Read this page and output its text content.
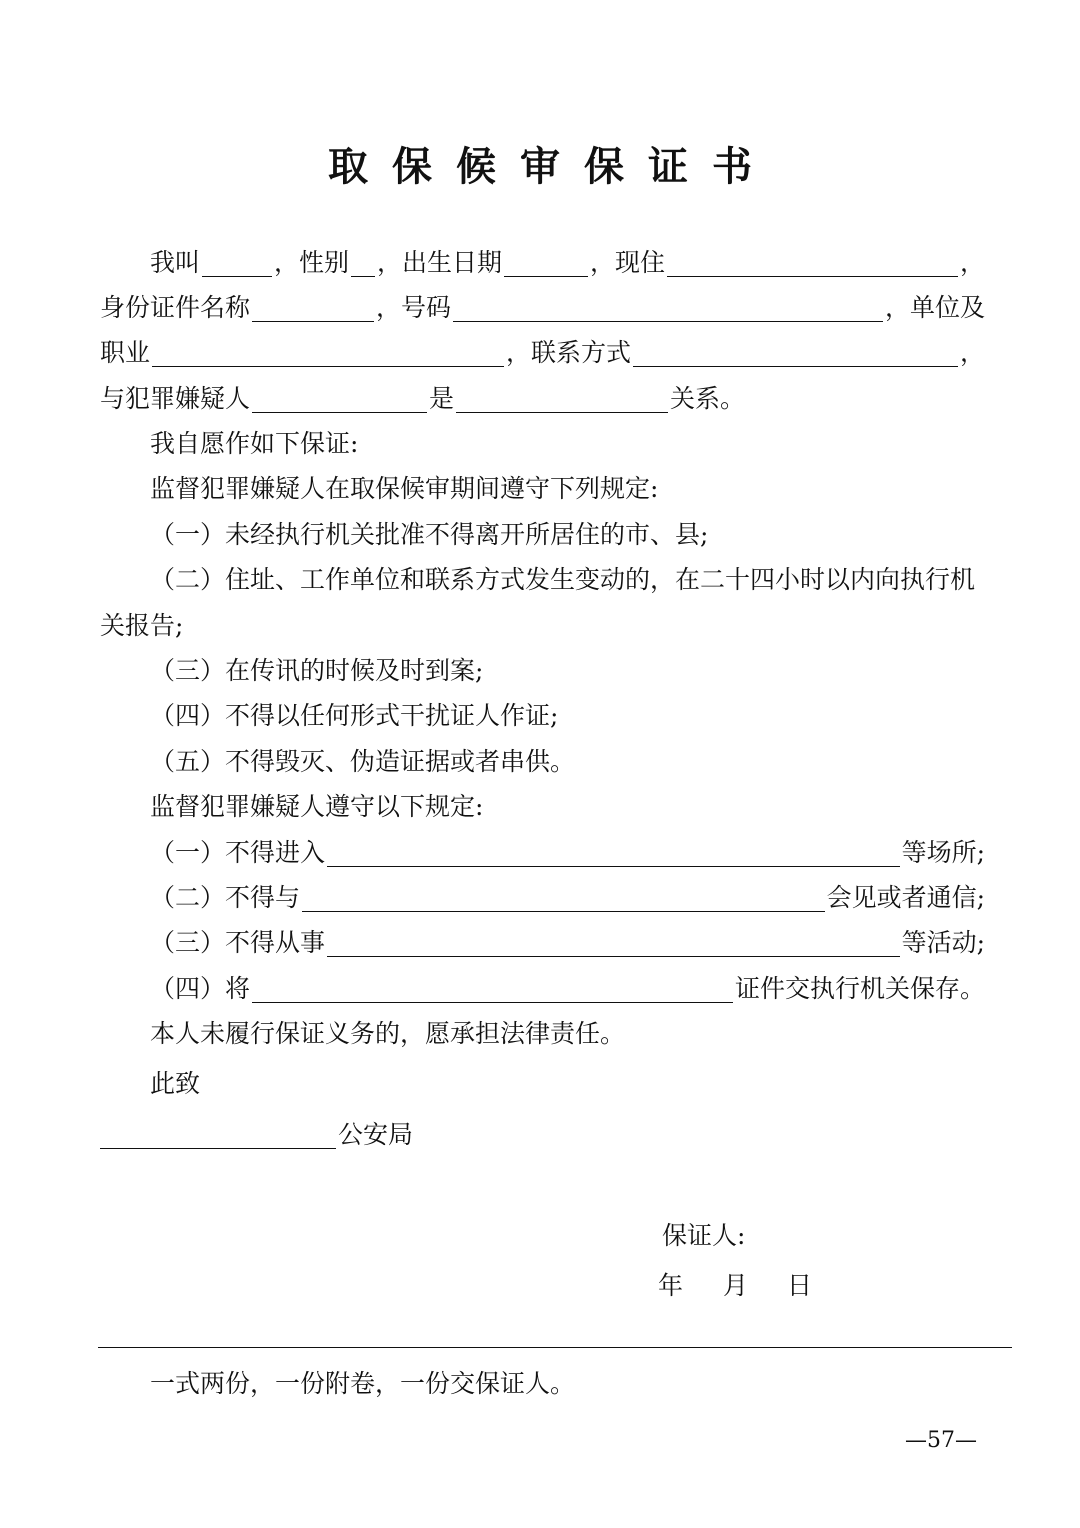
取保候审保证书
我叫	，性别 ，出生日期	，现住	，
身份证件名称	，号码	，单位及
职业	，联系方式	，
与犯罪嫌疑人	是	关系。
我自愿作如下保证:
监督犯罪嫌疑人在取保候审期间遵守下列规定:
（一）未经执行机关批准不得离开所居住的市、县;
（二）住址、工作单位和联系方式发生变动的，在二十四小时以内向执行机
关报告;
（三）在传讯的时候及时到案;
（四）不得以任何形式干扰证人作证;
（五）不得毁灭、伪造证据或者串供。
监督犯罪嫌疑人遵守以下规定:
（一）不得进入	等场所;
（二）不得与	会见或者通信;
（三）不得从事	等活动;
（四）将	证件交执行机关保存。
本人未履行保证义务的，愿承担法律责任。
此致
公安局
保证人:
年 月 日
一式两份，一份附卷，一份交保证人。
—57—
